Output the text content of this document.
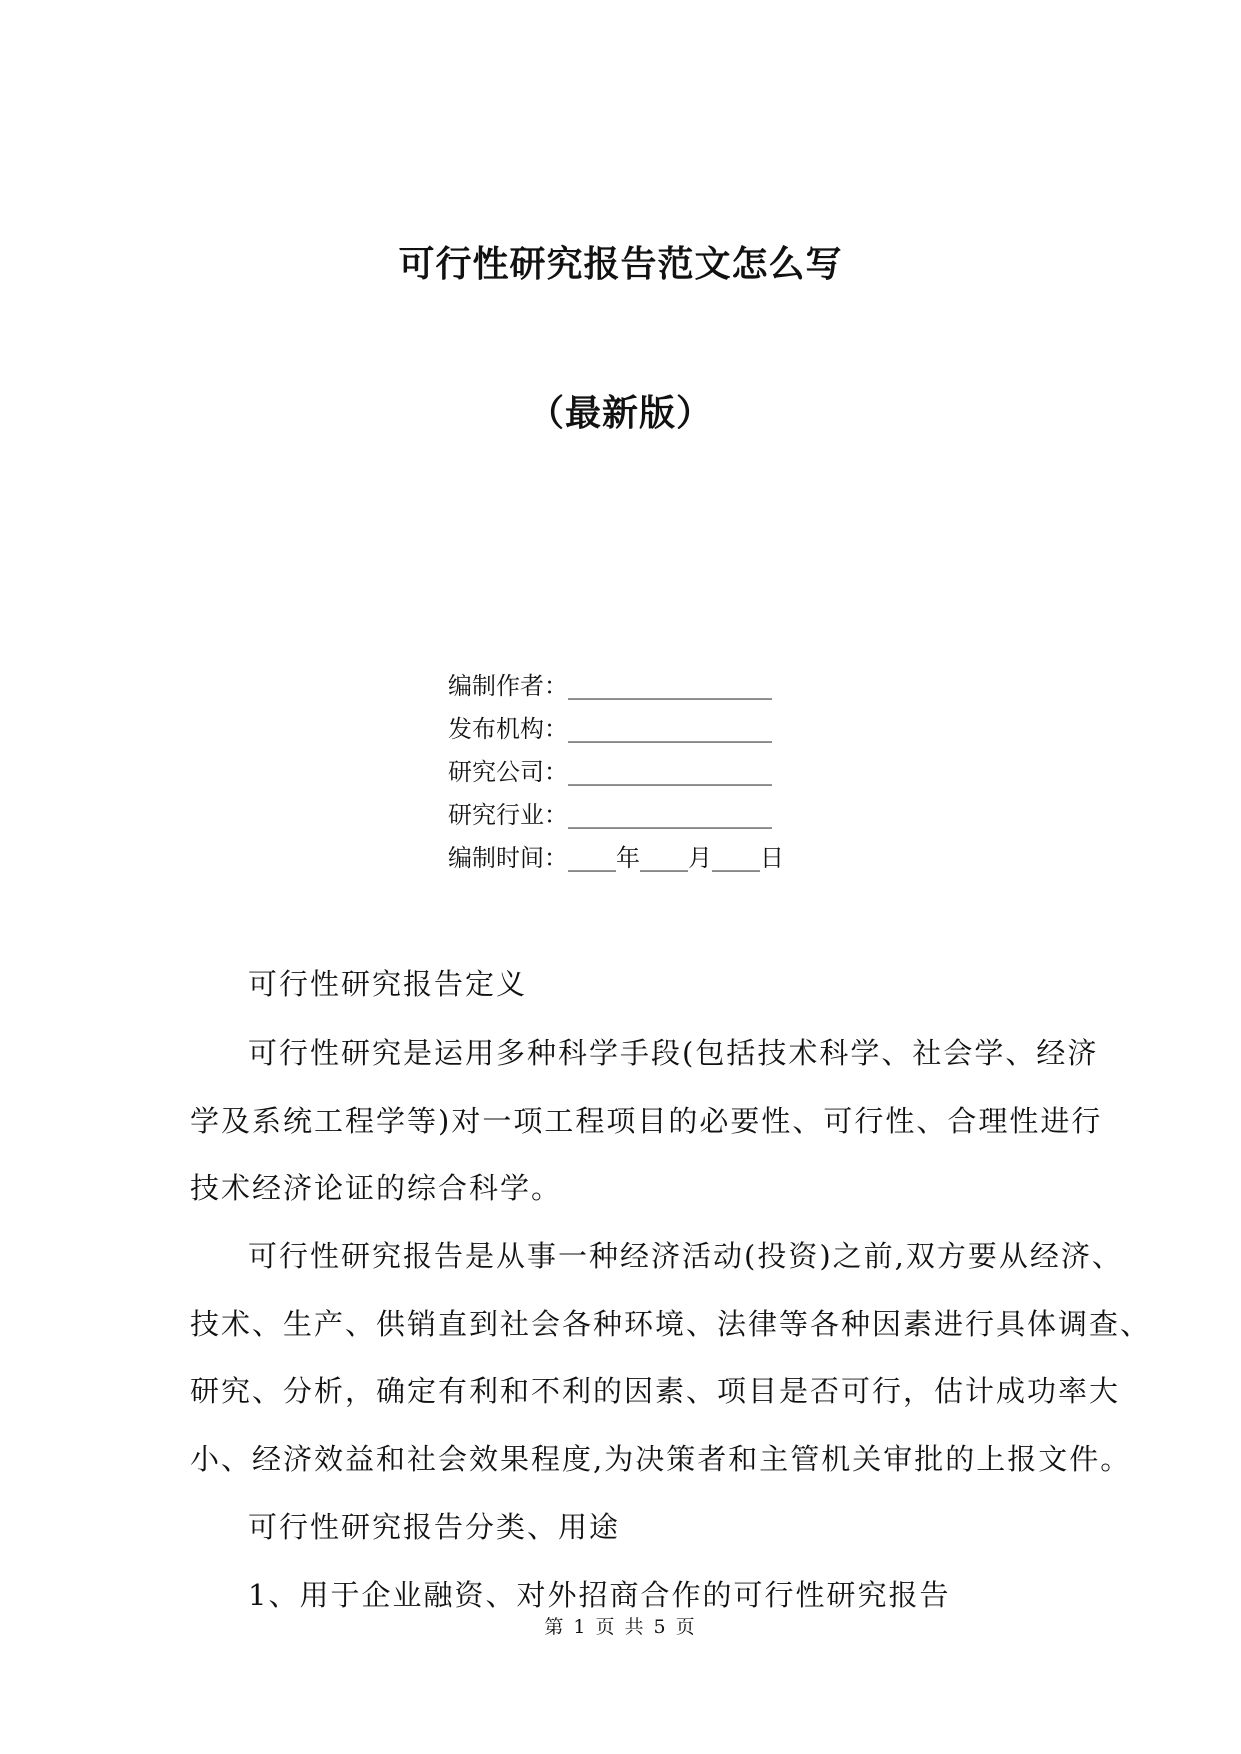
可行性研究报告范文怎么写
（最新版）
编制作者：_________________
发布机构：_________________
研究公司：_________________
研究行业：_________________
编制时间：____年____月____日
可行性研究报告定义
可行性研究是运用多种科学手段(包括技术科学、社会学、经济
学及系统工程学等)对一项工程项目的必要性、可行性、合理性进行
技术经济论证的综合科学。
可行性研究报告是从事一种经济活动(投资)之前,双方要从经济、
技术、生产、供销直到社会各种环境、法律等各种因素进行具体调查、
研究、分析，确定有利和不利的因素、项目是否可行，估计成功率大
小、经济效益和社会效果程度,为决策者和主管机关审批的上报文件。
可行性研究报告分类、用途
1、用于企业融资、对外招商合作的可行性研究报告
第 1 页 共 5 页
